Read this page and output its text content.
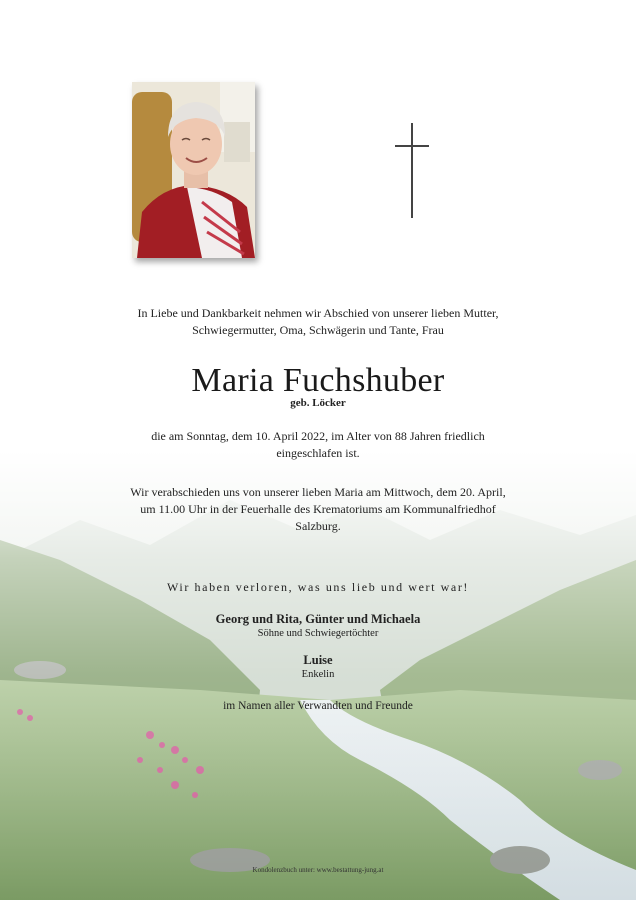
In Liebe und Dankbarkeit nehmen wir Abschied von unserer lieben Mutter,
Schwiegermutter, Oma, Schwägerin und Tante, Frau
Maria Fuchshuber
geb. Löcker
die am Sonntag, dem 10. April 2022, im Alter von 88 Jahren friedlich
eingeschlafen ist.
Wir verabschieden uns von unserer lieben Maria am Mittwoch, dem 20. April,
um 11.00 Uhr in der Feuerhalle des Krematoriums am Kommunalfriedhof
Salzburg.
Wir haben verloren, was uns lieb und wert war!
Georg und Rita, Günter und Michaela
Söhne und Schwiegertöchter
Luise
Enkelin
im Namen aller Verwandten und Freunde
Kondolenzbuch unter: www.bestattung-jung.at
